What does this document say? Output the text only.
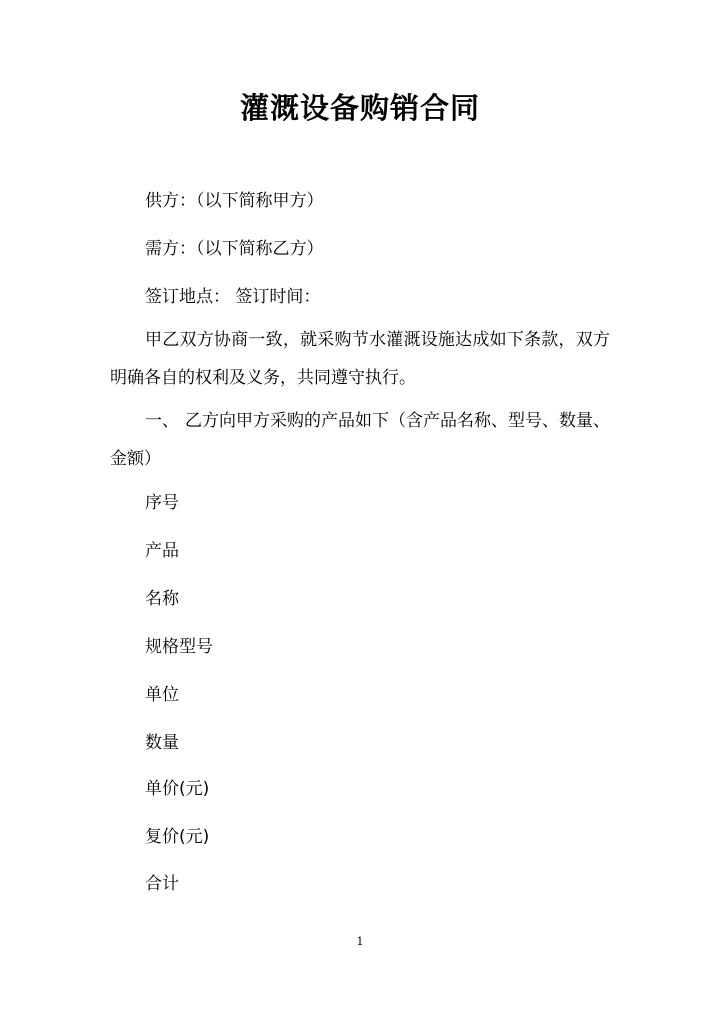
灌溉设备购销合同
供方：（以下简称甲方）
需方：（以下简称乙方）
签订地点： 签订时间：
甲乙双方协商一致，就采购节水灌溉设施达成如下条款，双方明确各自的权利及义务，共同遵守执行。
一、 乙方向甲方采购的产品如下（含产品名称、型号、数量、金额）
序号
产品
名称
规格型号
单位
数量
单价(元)
复价(元)
合计
1
